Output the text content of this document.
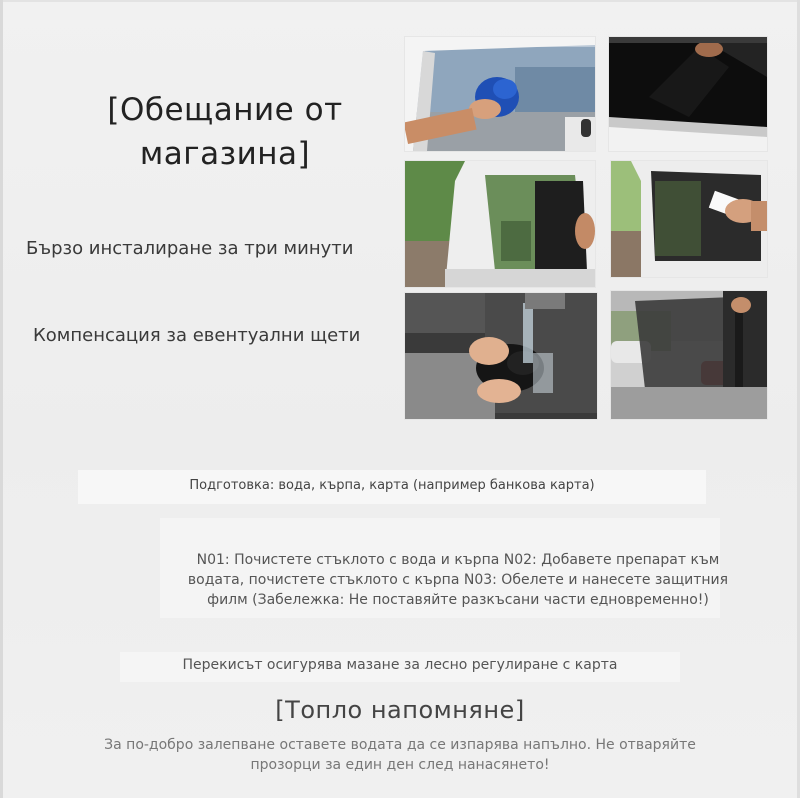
[Обещание от
магазина]
Бързо инсталиране за три минути
Компенсация за евентуални щети
Подготовка: вода, кърпа, карта (например банкова карта)
N01: Почистете стъклото с вода и кърпа N02: Добавете препарат към
водата, почистете стъклото с кърпа N03: Обелете и нанесете защитния
филм (Забележка: Не поставяйте разкъсани части едновременно!)
Перекисът осигурява мазане за лесно регулиране с карта
[Топло напомняне]
За по-добро залепване оставете водата да се изпарява напълно. Не отваряйте
прозорци за един ден след нанасянето!
